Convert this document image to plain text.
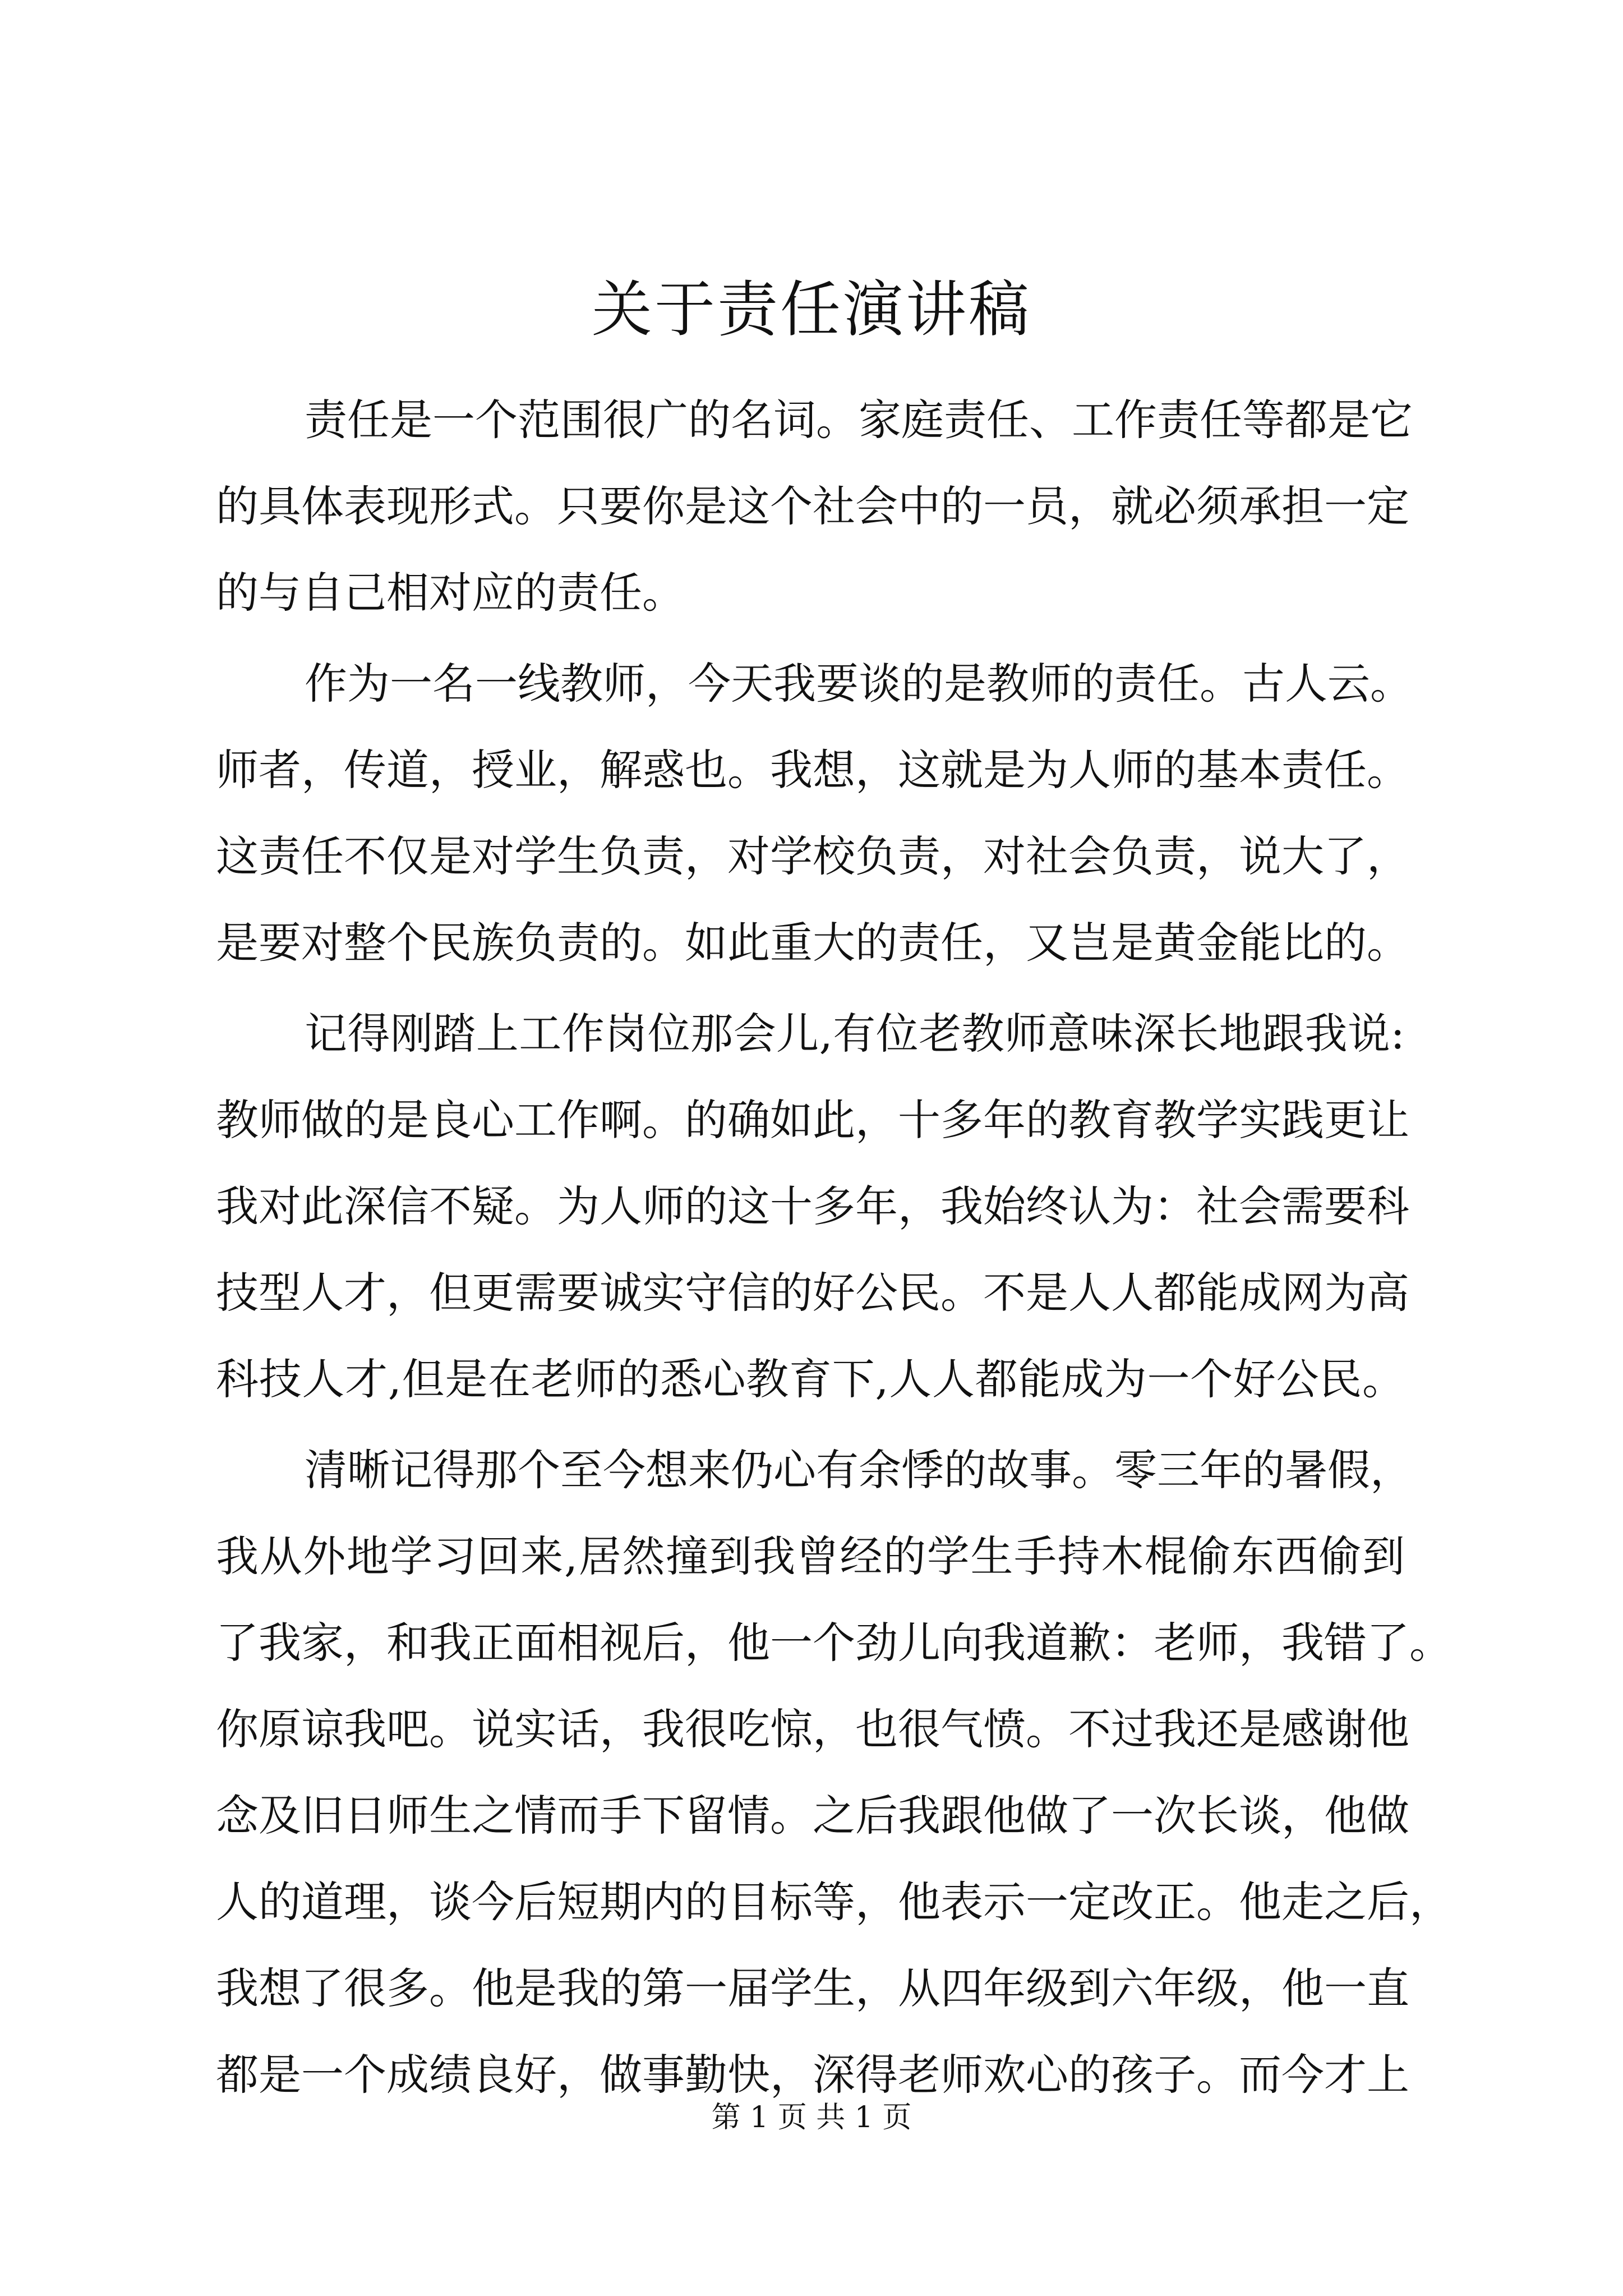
关于责任演讲稿
责任是一个范围很广的名词。家庭责任、工作责任等都是它
的具体表现形式。只要你是这个社会中的一员，就必须承担一定
的与自己相对应的责任。
作为一名一线教师，今天我要谈的是教师的责任。古人云。
师者，传道，授业，解惑也。我想，这就是为人师的基本责任。
这责任不仅是对学生负责，对学校负责，对社会负责，说大了，
是要对整个民族负责的。如此重大的责任，又岂是黄金能比的。
记得刚踏上工作岗位那会儿,有位老教师意味深长地跟我说:
教师做的是良心工作啊。的确如此，十多年的教育教学实践更让
我对此深信不疑。为人师的这十多年，我始终认为：社会需要科
技型人才，但更需要诚实守信的好公民。不是人人都能成网为高
科技人才,但是在老师的悉心教育下,人人都能成为一个好公民。
清晰记得那个至今想来仍心有余悸的故事。零三年的暑假，
我从外地学习回来,居然撞到我曾经的学生手持木棍偷东西偷到
了我家，和我正面相视后，他一个劲儿向我道歉：老师，我错了。
你原谅我吧。说实话，我很吃惊，也很气愤。不过我还是感谢他
念及旧日师生之情而手下留情。之后我跟他做了一次长谈，他做
人的道理，谈今后短期内的目标等，他表示一定改正。他走之后，
我想了很多。他是我的第一届学生，从四年级到六年级，他一直
都是一个成绩良好，做事勤快，深得老师欢心的孩子。而今才上
第 1 页 共 1 页
